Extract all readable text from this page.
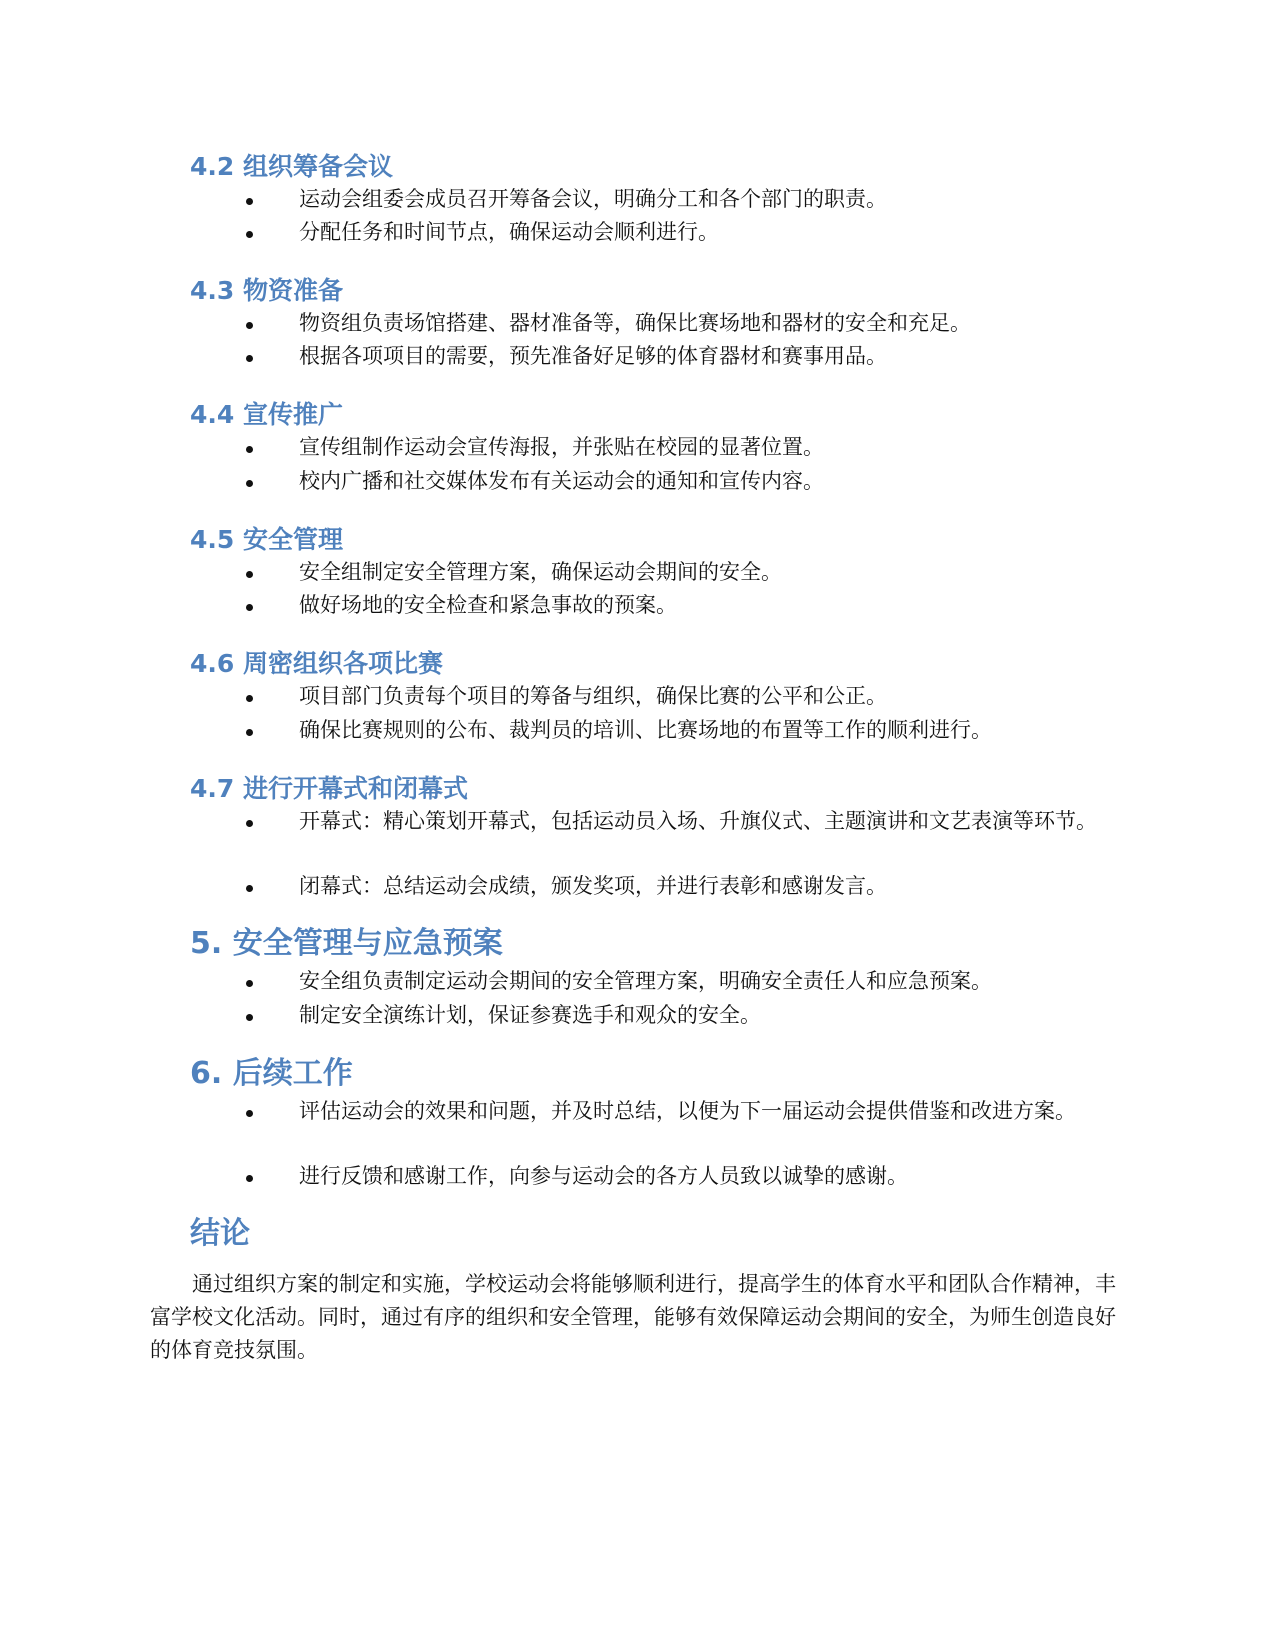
4.2 组织筹备会议

运动会组委会成员召开筹备会议，明确分工和各个部门的职责。

分配任务和时间节点，确保运动会顺利进行。

4.3 物资准备

物资组负责场馆搭建、器材准备等，确保比赛场地和器材的安全和充足。

根据各项项目的需要，预先准备好足够的体育器材和赛事用品。

4.4 宣传推广

宣传组制作运动会宣传海报，并张贴在校园的显著位置。

校内广播和社交媒体发布有关运动会的通知和宣传内容。

4.5 安全管理

安全组制定安全管理方案，确保运动会期间的安全。

做好场地的安全检查和紧急事故的预案。

4.6 周密组织各项比赛

项目部门负责每个项目的筹备与组织，确保比赛的公平和公正。

确保比赛规则的公布、裁判员的培训、比赛场地的布置等工作的顺利进行。

4.7 进行开幕式和闭幕式

开幕式：精心策划开幕式，包括运动员入场、升旗仪式、主题演讲和文艺表演等环节。

闭幕式：总结运动会成绩，颁发奖项，并进行表彰和感谢发言。

5. 安全管理与应急预案

安全组负责制定运动会期间的安全管理方案，明确安全责任人和应急预案。

制定安全演练计划，保证参赛选手和观众的安全。

6. 后续工作

评估运动会的效果和问题，并及时总结，以便为下一届运动会提供借鉴和改进方案。

进行反馈和感谢工作，向参与运动会的各方人员致以诚挚的感谢。

结论

通过组织方案的制定和实施，学校运动会将能够顺利进行，提高学生的体育水平和团队合作精神，丰富学校文化活动。同时，通过有序的组织和安全管理，能够有效保障运动会期间的安全，为师生创造良好的体育竞技氛围。
